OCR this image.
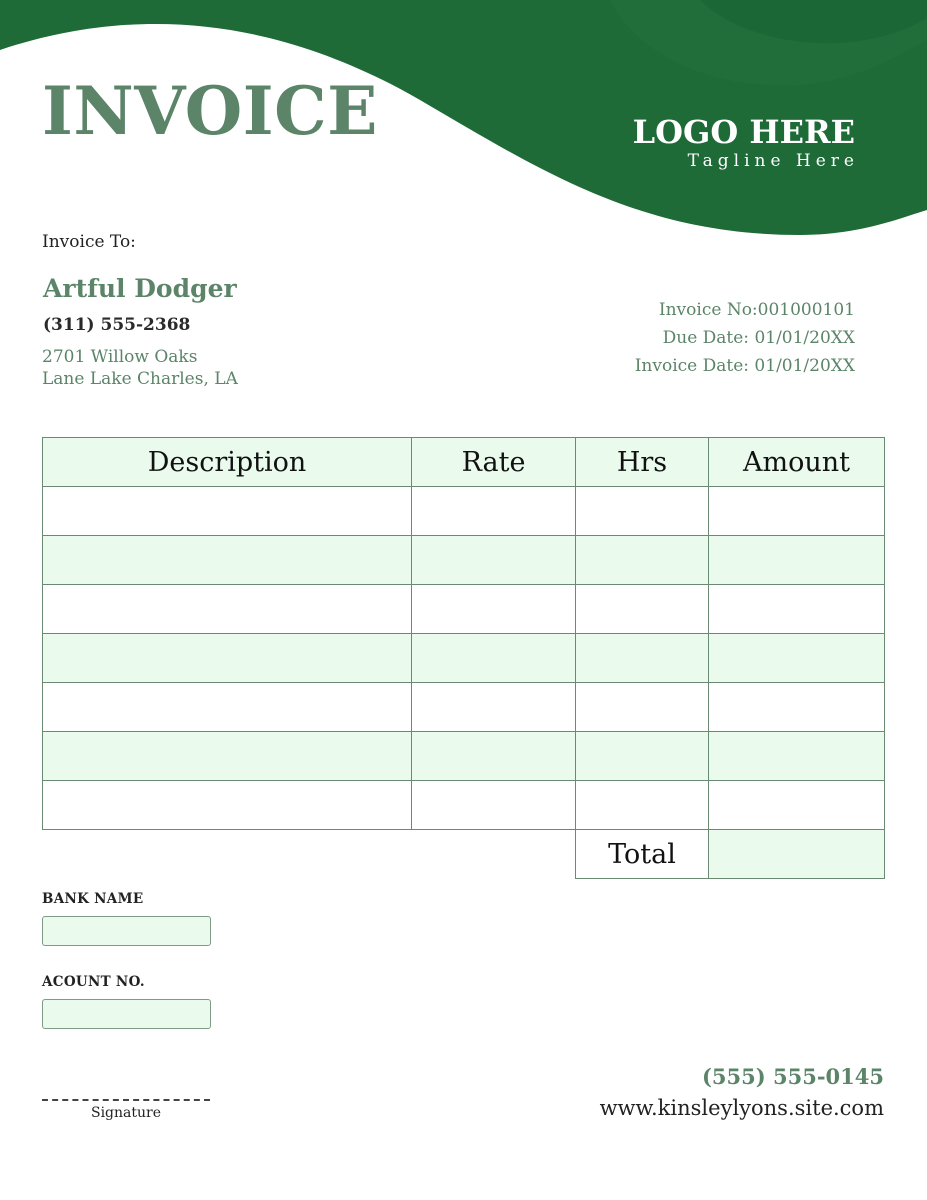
INVOICE	LOGO HERE
Tagline Here
Invoice To:
Artful Dodger
(311) 555-2368
2701 Willow Oaks
Lane Lake Charles, LA
Invoice No:001000101
Due Date: 01/01/20XX
Invoice Date: 01/01/20XX
Description	Rate	Hrs	Amount

		Total	
BANK NAME
ACOUNT NO.
Signature
(555) 555-0145
www.kinsleylyons.site.com
